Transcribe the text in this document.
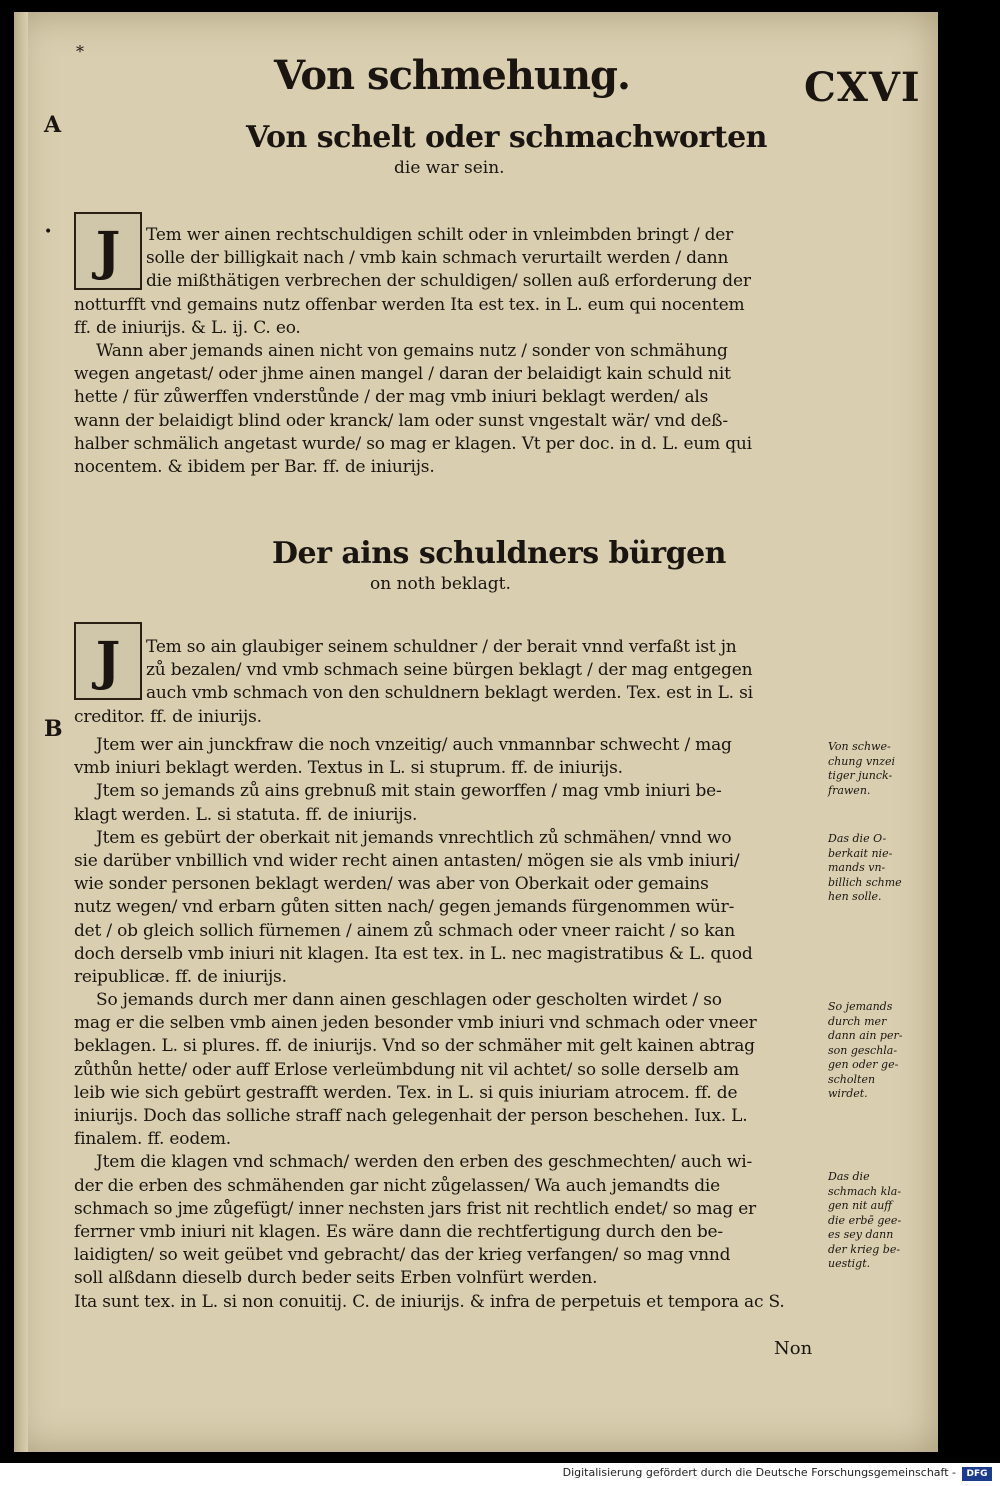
*
Von schmehung.	CXVI
A
•
Von schelt oder schmachworten
die war sein.
J	Tem wer ainen rechtschuldigen schilt oder in vnleimbden bringt / der
solle der billigkait nach / vmb kain schmach verurtailt werden / dann
die mißthätigen verbrechen der schuldigen/ sollen auß erforderung der
notturfft vnd gemains nutz offenbar werden Ita est tex. in L. eum qui nocentem
ff. de iniurijs. & L. ij. C. eo.
Wann aber jemands ainen nicht von gemains nutz / sonder von schmähung
wegen angetast/ oder jhme ainen mangel / daran der belaidigt kain schuld nit
hette / für zůwerffen vnderstůnde / der mag vmb iniuri beklagt werden/ als
wann der belaidigt blind oder kranck/ lam oder sunst vngestalt wär/ vnd deß-
halber schmälich angetast wurde/ so mag er klagen. Vt per doc. in d. L. eum qui
nocentem. & ibidem per Bar. ff. de iniurijs.
Der ains schuldners bürgen
on noth beklagt.
J	Tem so ain glaubiger seinem schuldner / der berait vnnd verfaßt ist jn
zů bezalen/ vnd vmb schmach seine bürgen beklagt / der mag entgegen
auch vmb schmach von den schuldnern beklagt werden. Tex. est in L. si
creditor. ff. de iniurijs.
B
Jtem wer ain junckfraw die noch vnzeitig/ auch vnmannbar schwecht / mag
vmb iniuri beklagt werden. Textus in L. si stuprum. ff. de iniurijs.
Jtem so jemands zů ains grebnuß mit stain geworffen / mag vmb iniuri be-
klagt werden. L. si statuta. ff. de iniurijs.
Jtem es gebürt der oberkait nit jemands vnrechtlich zů schmähen/ vnnd wo
sie darüber vnbillich vnd wider recht ainen antasten/ mögen sie als vmb iniuri/
wie sonder personen beklagt werden/ was aber von Oberkait oder gemains
nutz wegen/ vnd erbarn gůten sitten nach/ gegen jemands fürgenommen wür-
det / ob gleich sollich fürnemen / ainem zů schmach oder vneer raicht / so kan
doch derselb vmb iniuri nit klagen. Ita est tex. in L. nec magistratibus & L. quod
reipublicæ. ff. de iniurijs.
So jemands durch mer dann ainen geschlagen oder gescholten wirdet / so
mag er die selben vmb ainen jeden besonder vmb iniuri vnd schmach oder vneer
beklagen. L. si plures. ff. de iniurijs. Vnd so der schmäher mit gelt kainen abtrag
zůthůn hette/ oder auff Erlose verleümbdung nit vil achtet/ so solle derselb am
leib wie sich gebürt gestrafft werden. Tex. in L. si quis iniuriam atrocem. ff. de
iniurijs. Doch das solliche straff nach gelegenhait der person beschehen. Iux. L.
finalem. ff. eodem.
Jtem die klagen vnd schmach/ werden den erben des geschmechten/ auch wi-
der die erben des schmähenden gar nicht zůgelassen/ Wa auch jemandts die
schmach so jme zůgefügt/ inner nechsten jars frist nit rechtlich endet/ so mag er
ferrner vmb iniuri nit klagen. Es wäre dann die rechtfertigung durch den be-
laidigten/ so weit geübet vnd gebracht/ das der krieg verfangen/ so mag vnnd
soll alßdann dieselb durch beder seits Erben volnfürt werden.
Ita sunt tex. in L. si non conuitij. C. de iniurijs. & infra de perpetuis et tempora ac S.
Non
Von schwe-
chung vnzei
tiger junck-
frawen.
Das die O-
berkait nie-
mands vn-
billich schme
hen solle.
So jemands
durch mer
dann ain per-
son geschla-
gen oder ge-
scholten
wirdet.
Das die
schmach kla-
gen nit auff
die erbē gee-
es sey dann
der krieg be-
uestigt.
Digitalisierung gefördert durch die Deutsche Forschungsgemeinschaft -	DFG
